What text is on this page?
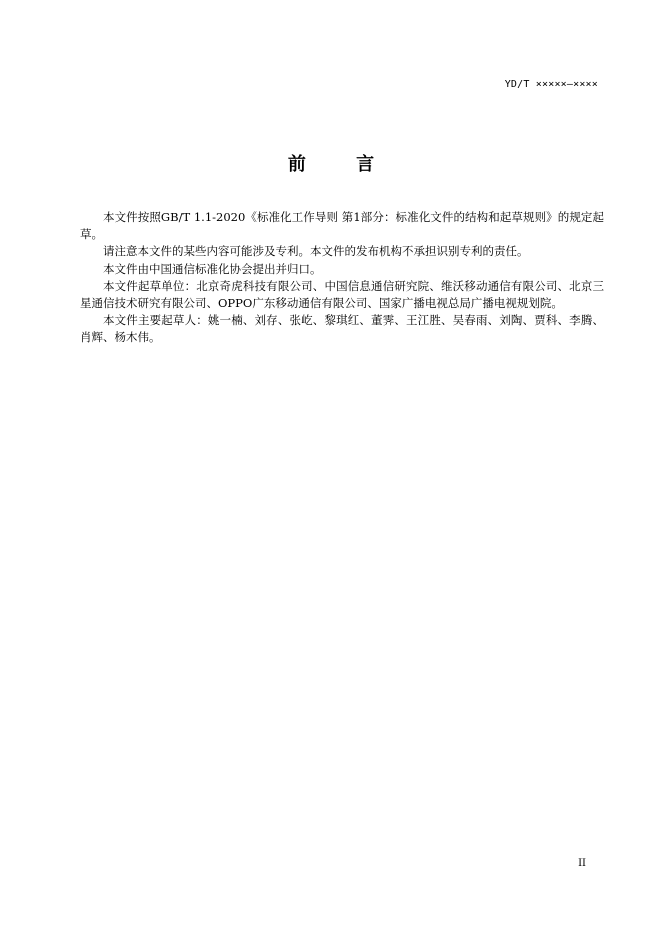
YD/T ×××××—××××
前 言

本文件按照GB/T 1.1-2020《标准化工作导则 第1部分：标准化文件的结构和起草规则》的规定起草。

请注意本文件的某些内容可能涉及专利。本文件的发布机构不承担识别专利的责任。

本文件由中国通信标准化协会提出并归口。

本文件起草单位：北京奇虎科技有限公司、中国信息通信研究院、维沃移动通信有限公司、北京三星通信技术研究有限公司、OPPO广东移动通信有限公司、国家广播电视总局广播电视规划院。

本文件主要起草人：姚一楠、刘存、张屹、黎琪红、董霁、王江胜、吴春雨、刘陶、贾科、李腾、肖辉、杨木伟。

II
